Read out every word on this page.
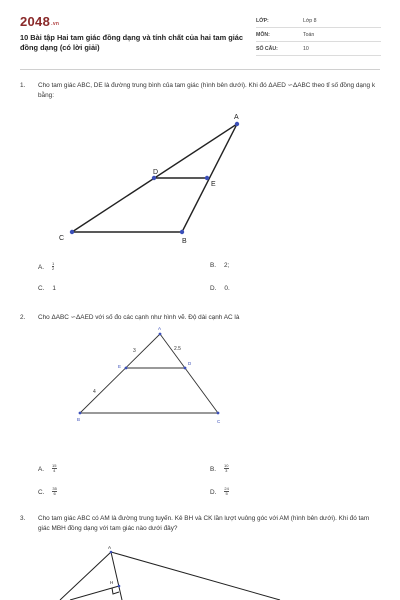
2048.vn
10 Bài tập Hai tam giác đồng dạng và tính chất của hai tam giác đồng dạng (có lời giải)
LỚP:	Lớp 8
MÔN:	Toán
SỐ CÂU:	10
1. Cho tam giác ABC, DE là đường trung bình của tam giác (hình bên dưới). Khi đó ΔAED ∽ΔABC theo tỉ số đồng dạng k bằng:
A
D
E
C	B
A. $\frac{1}{2}$	B. 2;
C. 1	D. 0.
2. Cho ΔABC ∽ΔAED với số đo các cạnh như hình vẽ. Độ dài cạnh AC là
A
E
D
B	C
3	2.5
4
A. $\frac{15}{4}$	B. $\frac{10}{3}$
C. $\frac{35}{6}$	D. $\frac{24}{5}$
3. Cho tam giác ABC có AM là đường trung tuyến. Kẻ BH và CK lần lượt vuông góc với AM (hình bên dưới). Khi đó tam giác MBH đồng dạng với tam giác nào dưới đây?
A
H
